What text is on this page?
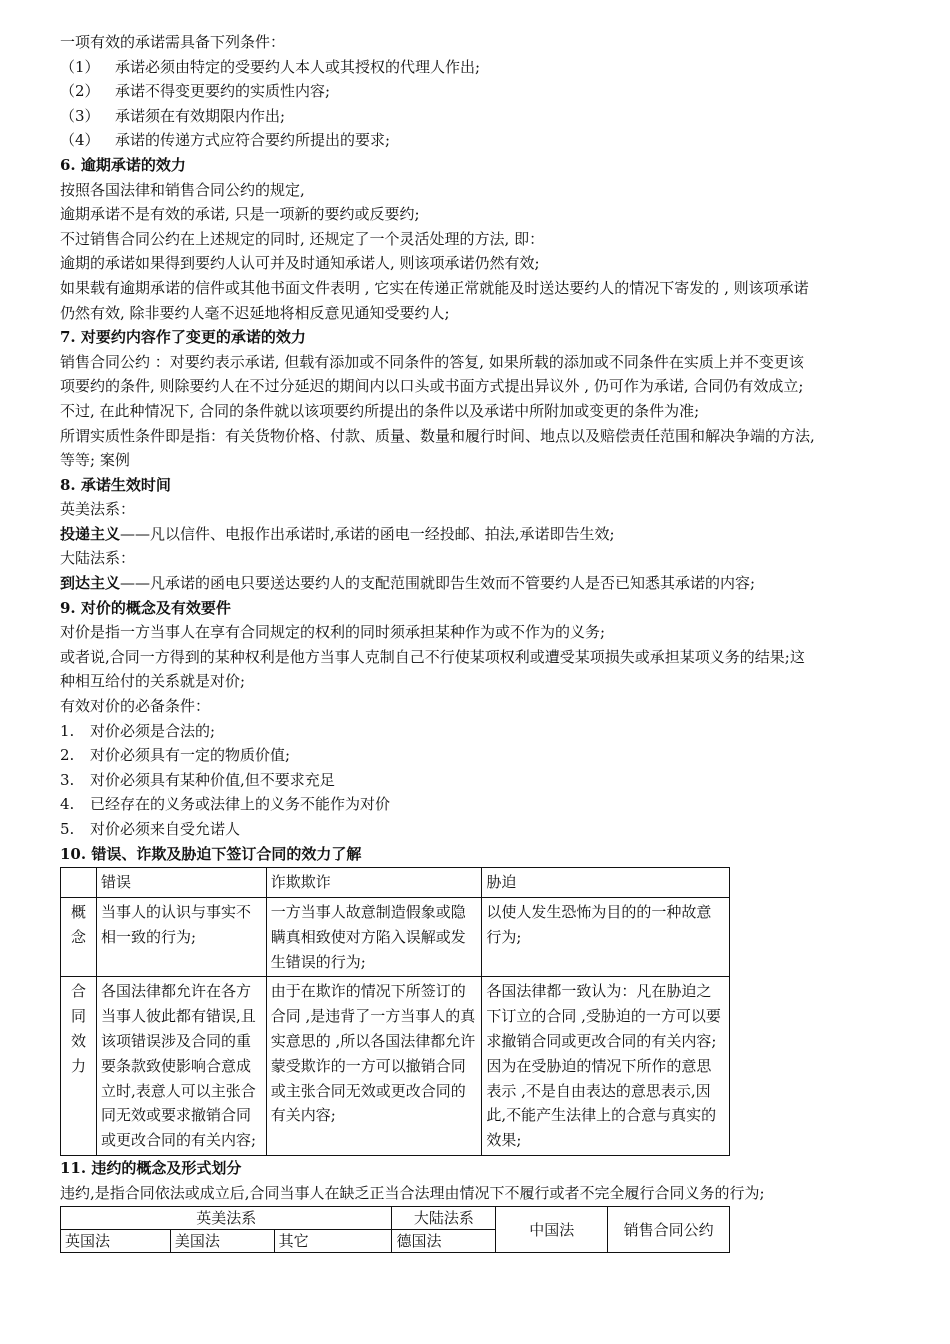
一项有效的承诺需具备下列条件：

（1） 承诺必须由特定的受要约人本人或其授权的代理人作出;

（2） 承诺不得变更要约的实质性内容;

（3） 承诺须在有效期限内作出;

（4） 承诺的传递方式应符合要约所提出的要求;

6. 逾期承诺的效力

按照各国法律和销售合同公约的规定,

逾期承诺不是有效的承诺, 只是一项新的要约或反要约;

不过销售合同公约在上述规定的同时, 还规定了一个灵活处理的方法, 即：

逾期的承诺如果得到要约人认可并及时通知承诺人, 则该项承诺仍然有效;

如果载有逾期承诺的信件或其他书面文件表明 , 它实在传递正常就能及时送达要约人的情况下寄发的 , 则该项承诺

仍然有效, 除非要约人毫不迟延地将相反意见通知受要约人;

7. 对要约内容作了变更的承诺的效力

销售合同公约 ：对要约表示承诺, 但载有添加或不同条件的答复, 如果所载的添加或不同条件在实质上并不变更该

项要约的条件, 则除要约人在不过分延迟的期间内以口头或书面方式提出异议外 , 仍可作为承诺, 合同仍有效成立;

不过, 在此种情况下, 合同的条件就以该项要约所提出的条件以及承诺中所附加或变更的条件为准;

所谓实质性条件即是指：有关货物价格、付款、质量、数量和履行时间、地点以及赔偿责任范围和解决争端的方法,

等等; 案例

8. 承诺生效时间

英美法系：

投递主义——凡以信件、电报作出承诺时,承诺的函电一经投邮、拍法,承诺即告生效;

大陆法系：

到达主义——凡承诺的函电只要送达要约人的支配范围就即告生效而不管要约人是否已知悉其承诺的内容;

9. 对价的概念及有效要件

对价是指一方当事人在享有合同规定的权利的同时须承担某种作为或不作为的义务;

或者说,合同一方得到的某种权利是他方当事人克制自己不行使某项权利或遭受某项损失或承担某项义务的结果;这

种相互给付的关系就是对价;

有效对价的必备条件：

1. 对价必须是合法的;

2. 对价必须具有一定的物质价值;

3. 对价必须具有某种价值,但不要求充足

4. 已经存在的义务或法律上的义务不能作为对价

5. 对价必须来自受允诺人

10. 错误、诈欺及胁迫下签订合同的效力了解

	错误	诈欺欺诈	胁迫
概念	当事人的认识与事实不相一致的行为;	一方当事人故意制造假象或隐瞒真相致使对方陷入误解或发生错误的行为;	以使人发生恐怖为目的的一种故意行为;
合同效力	各国法律都允许在各方当事人彼此都有错误,且该项错误涉及合同的重要条款致使影响合意成立时,表意人可以主张合同无效或要求撤销合同或更改合同的有关内容;	由于在欺诈的情况下所签订的合同 ,是违背了一方当事人的真实意思的 ,所以各国法律都允许蒙受欺诈的一方可以撤销合同或主张合同无效或更改合同的有关内容;	各国法律都一致认为：凡在胁迫之下订立的合同 ,受胁迫的一方可以要求撤销合同或更改合同的有关内容;因为在受胁迫的情况下所作的意思表示 ,不是自由表达的意思表示,因此,不能产生法律上的合意与真实的效果;

11. 违约的概念及形式划分

违约,是指合同依法或成立后,合同当事人在缺乏正当合法理由情况下不履行或者不完全履行合同义务的行为;

英美法系			大陆法系	中国法	销售合同公约
英国法	美国法	其它	德国法		
